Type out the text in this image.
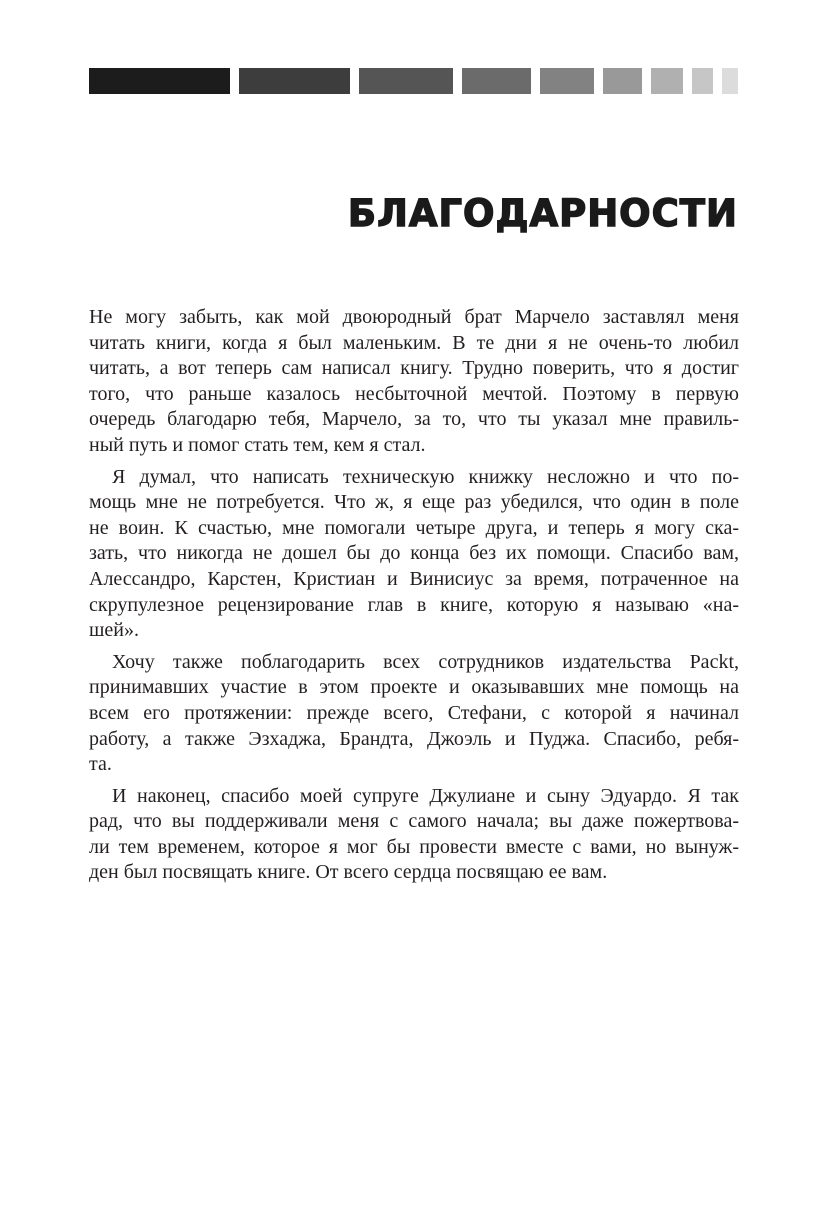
БЛАГОДАРНОСТИ

Не могу забыть, как мой двоюродный брат Марчело заставлял меня
читать книги, когда я был маленьким. В те дни я не очень-то любил
читать, а вот теперь сам написал книгу. Трудно поверить, что я достиг
того, что раньше казалось несбыточной мечтой. Поэтому в первую
очередь благодарю тебя, Марчело, за то, что ты указал мне правиль-
ный путь и помог стать тем, кем я стал.

Я думал, что написать техническую книжку несложно и что по-
мощь мне не потребуется. Что ж, я еще раз убедился, что один в поле
не воин. К счастью, мне помогали четыре друга, и теперь я могу ска-
зать, что никогда не дошел бы до конца без их помощи. Спасибо вам,
Алессандро, Карстен, Кристиан и Винисиус за время, потраченное на
скрупулезное рецензирование глав в книге, которую я называю «на-
шей».

Хочу также поблагодарить всех сотрудников издательства Packt,
принимавших участие в этом проекте и оказывавших мне помощь на
всем его протяжении: прежде всего, Стефани, с которой я начинал
работу, а также Эзхаджа, Брандта, Джоэль и Пуджа. Спасибо, ребя-
та.

И наконец, спасибо моей супруге Джулиане и сыну Эдуардо. Я так
рад, что вы поддерживали меня с самого начала; вы даже пожертвова-
ли тем временем, которое я мог бы провести вместе с вами, но вынуж-
ден был посвящать книге. От всего сердца посвящаю ее вам.
